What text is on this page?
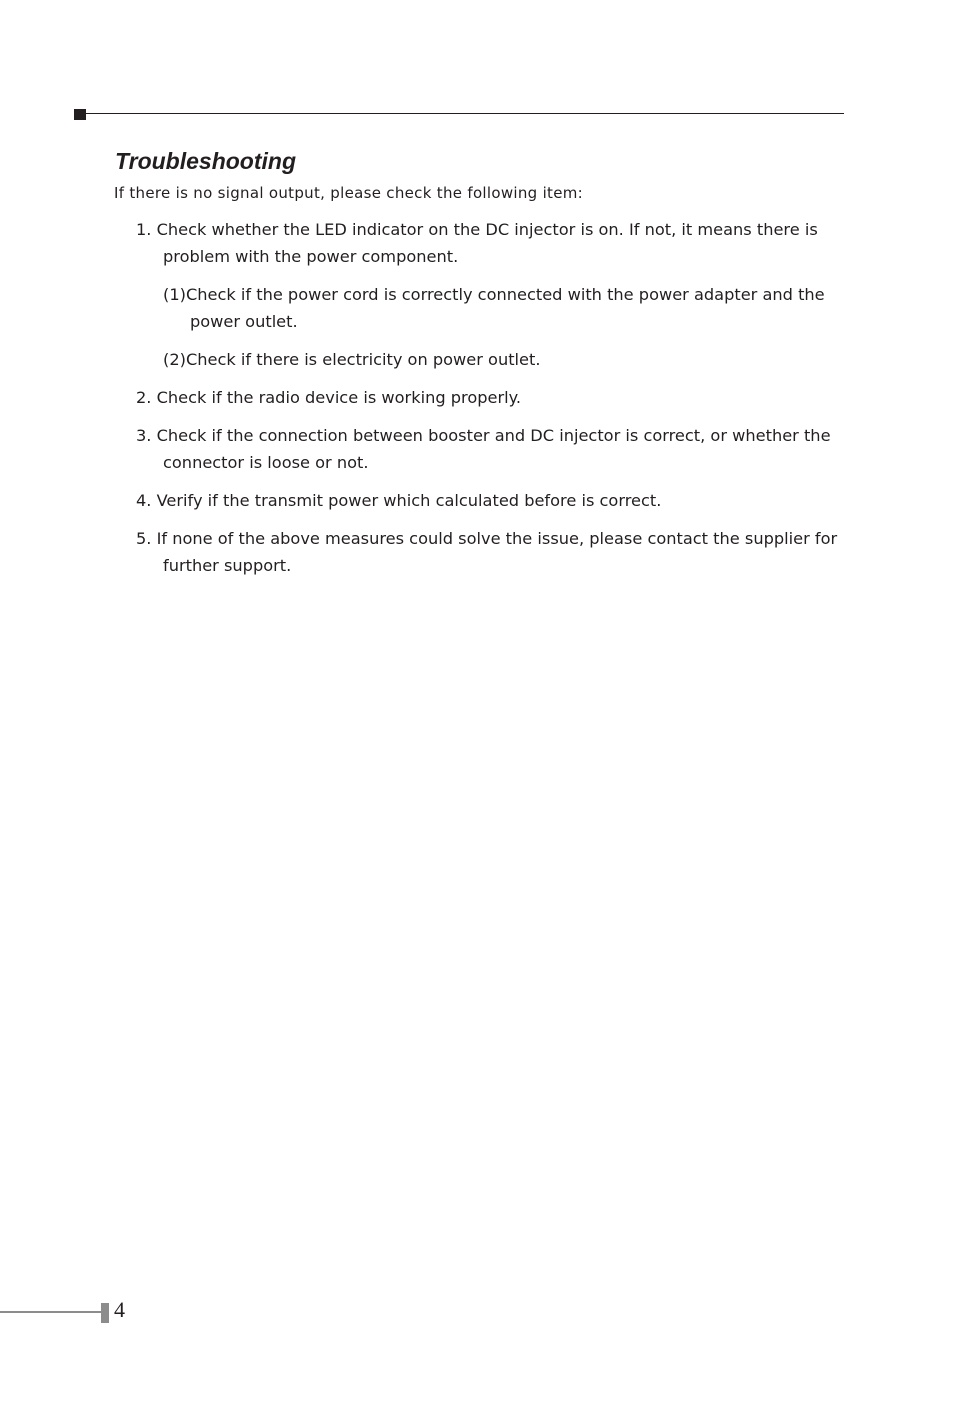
Troubleshooting

If there is no signal output, please check the following item:

1. Check whether the LED indicator on the DC injector is on. If not, it means there is problem with the power component.

(1)Check if the power cord is correctly connected with the power adapter and the power outlet.

(2)Check if there is electricity on power outlet.

2. Check if the radio device is working properly.

3. Check if the connection between booster and DC injector is correct, or whether the connector is loose or not.

4. Verify if the transmit power which calculated before is correct.

5. If none of the above measures could solve the issue, please contact the supplier for further support.

4
